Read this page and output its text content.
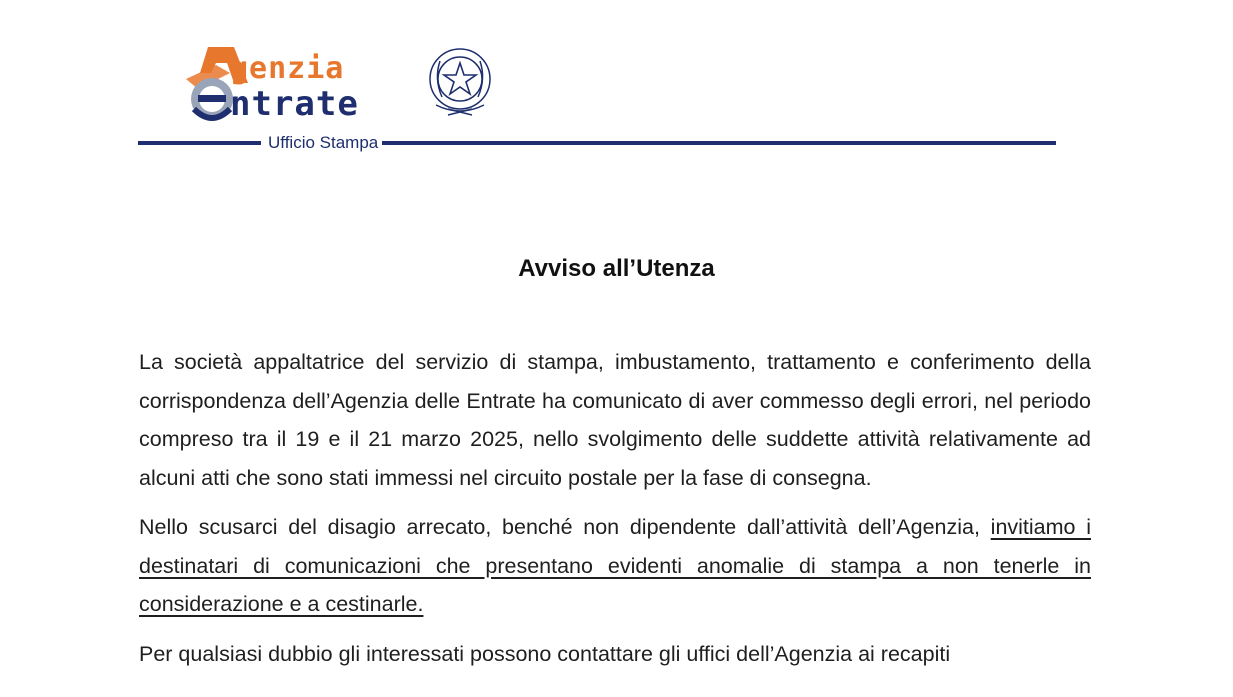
genzia
ntrate
Ufficio Stampa
Avviso all’Utenza

La società appaltatrice del servizio di stampa, imbustamento, trattamento e conferimento della corrispondenza dell’Agenzia delle Entrate ha comunicato di aver commesso degli errori, nel periodo compreso tra il 19 e il 21 marzo 2025, nello svolgimento delle suddette attività relativamente ad alcuni atti che sono stati immessi nel circuito postale per la fase di consegna.

Nello scusarci del disagio arrecato, benché non dipendente dall’attività dell’Agenzia, invitiamo i destinatari di comunicazioni che presentano evidenti anomalie di stampa a non tenerle in considerazione e a cestinarle.

Per qualsiasi dubbio gli interessati possono contattare gli uffici dell’Agenzia ai recapiti
